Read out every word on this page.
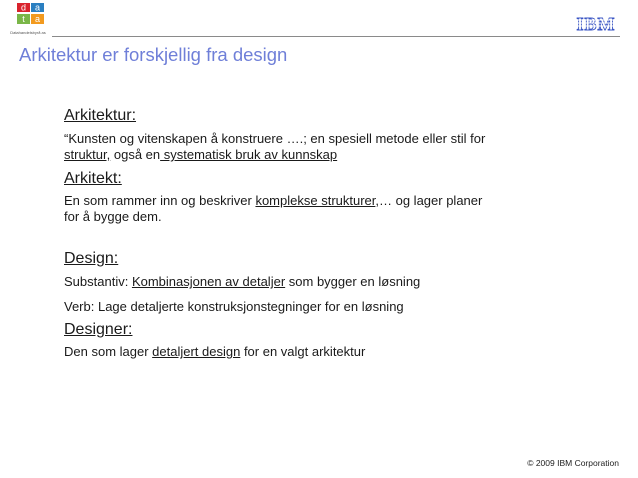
d a
t a
Datahandelsbyrå as	IBM
Arkitektur er forskjellig fra design
Arkitektur:
“Kunsten og vitenskapen å konstruere ….; en spesiell metode eller stil for
struktur, også en systematisk bruk av kunnskap
Arkitekt:
En som rammer inn og beskriver komplekse strukturer,… og lager planer
for å bygge dem.
Design:
Substantiv: Kombinasjonen av detaljer som bygger en løsning
Verb: Lage detaljerte konstruksjonstegninger for en løsning
Designer:
Den som lager detaljert design for en valgt arkitektur
© 2009 IBM Corporation
